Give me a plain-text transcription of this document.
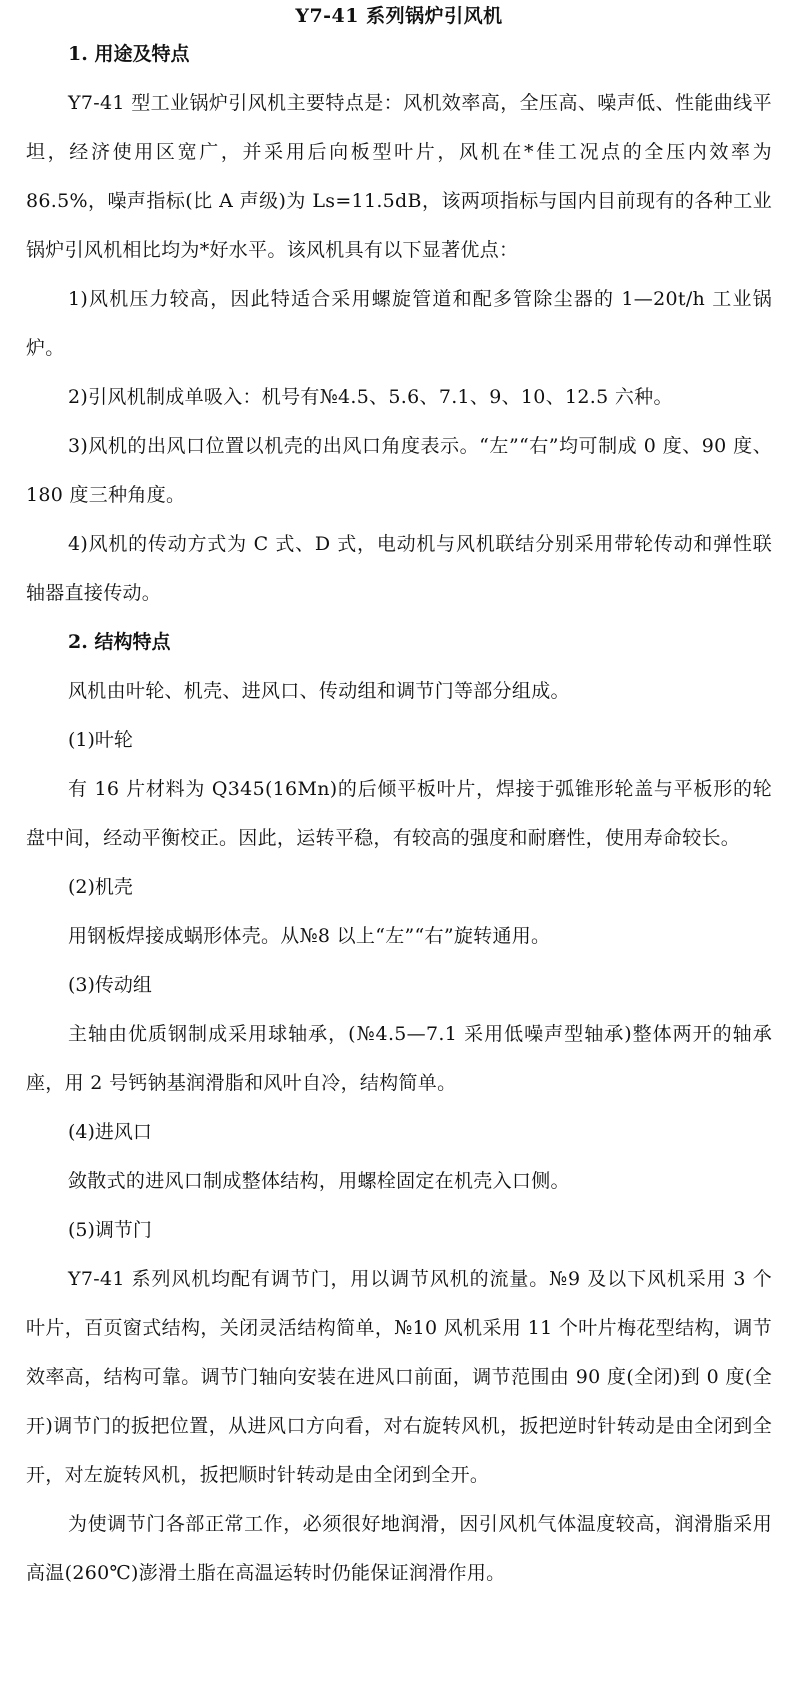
Y7-41 系列锅炉引风机
1. 用途及特点

Y7-41 型工业锅炉引风机主要特点是：风机效率高，全压高、噪声低、性能曲线平坦，经济使用区宽广，并采用后向板型叶片，风机在*佳工况点的全压内效率为 86.5%，噪声指标(比 A 声级)为 Ls=11.5dB，该两项指标与国内目前现有的各种工业锅炉引风机相比均为*好水平。该风机具有以下显著优点：

1)风机压力较高，因此特适合采用螺旋管道和配多管除尘器的 1—20t/h 工业锅炉。

2)引风机制成单吸入：机号有№4.5、5.6、7.1、9、10、12.5 六种。

3)风机的出风口位置以机壳的出风口角度表示。“左”“右”均可制成 0 度、90 度、180 度三种角度。

4)风机的传动方式为 C 式、D 式，电动机与风机联结分别采用带轮传动和弹性联轴器直接传动。

2. 结构特点

风机由叶轮、机壳、进风口、传动组和调节门等部分组成。

(1)叶轮

有 16 片材料为 Q345(16Mn)的后倾平板叶片，焊接于弧锥形轮盖与平板形的轮盘中间，经动平衡校正。因此，运转平稳，有较高的强度和耐磨性，使用寿命较长。

(2)机壳

用钢板焊接成蜗形体壳。从№8 以上“左”“右”旋转通用。

(3)传动组

主轴由优质钢制成采用球轴承，(№4.5—7.1 采用低噪声型轴承)整体两开的轴承座，用 2 号钙钠基润滑脂和风叶自冷，结构简单。

(4)进风口

敛散式的进风口制成整体结构，用螺栓固定在机壳入口侧。

(5)调节门

Y7-41 系列风机均配有调节门，用以调节风机的流量。№9 及以下风机采用 3 个叶片，百页窗式结构，关闭灵活结构简单，№10 风机采用 11 个叶片梅花型结构，调节效率高，结构可靠。调节门轴向安装在进风口前面，调节范围由 90 度(全闭)到 0 度(全开)调节门的扳把位置，从进风口方向看，对右旋转风机，扳把逆时针转动是由全闭到全开，对左旋转风机，扳把顺时针转动是由全闭到全开。

为使调节门各部正常工作，必须很好地润滑，因引风机气体温度较高，润滑脂采用高温(260℃)澎滑土脂在高温运转时仍能保证润滑作用。
